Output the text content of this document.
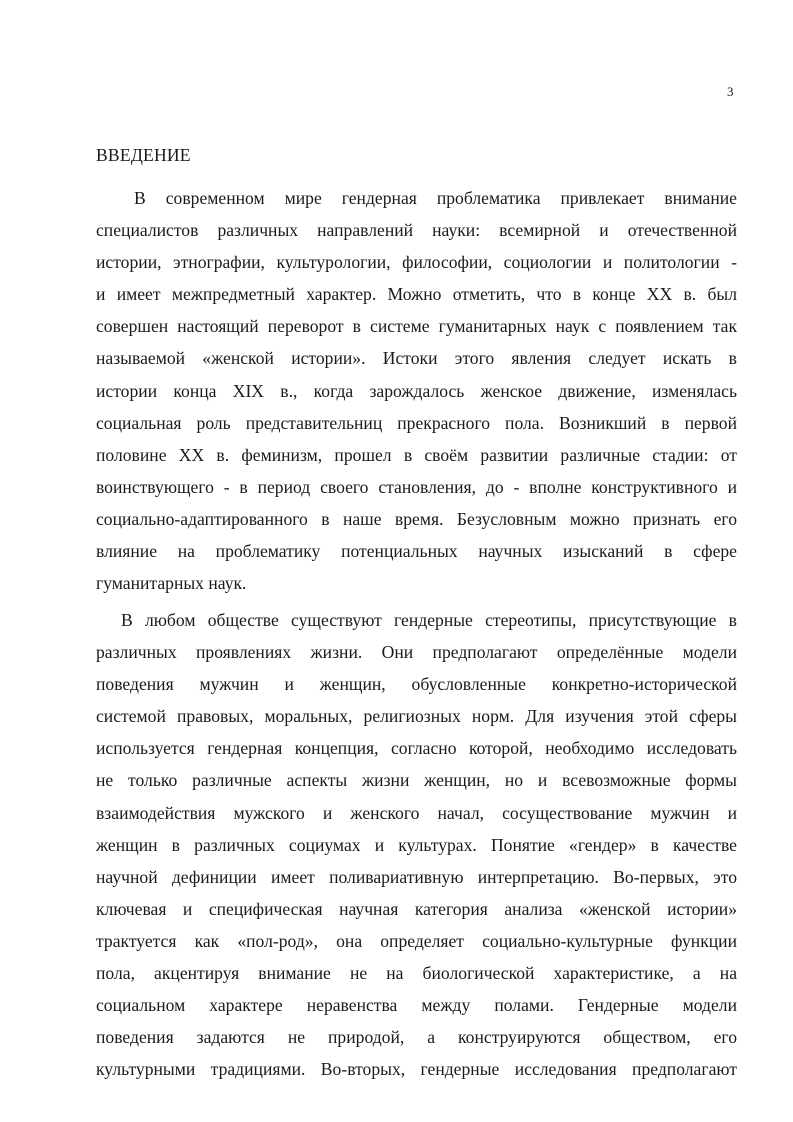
3
ВВЕДЕНИЕ
В современном мире гендерная проблематика привлекает внимание
специалистов различных направлений науки: всемирной и отечественной
истории, этнографии, культурологии, философии, социологии и политологии -
и имеет межпредметный характер. Можно отметить, что в конце XX в. был
совершен настоящий переворот в системе гуманитарных наук с появлением так
называемой «женской истории». Истоки этого явления следует искать в
истории конца XIX в., когда зарождалось женское движение, изменялась
социальная роль представительниц прекрасного пола. Возникший в первой
половине XX в. феминизм, прошел в своём развитии различные стадии: от
воинствующего - в период своего становления, до - вполне конструктивного и
социально-адаптированного в наше время. Безусловным можно признать его
влияние на проблематику потенциальных научных изысканий в сфере
гуманитарных наук.
В любом обществе существуют гендерные стереотипы, присутствующие в
различных проявлениях жизни. Они предполагают определённые модели
поведения мужчин и женщин, обусловленные конкретно-исторической
системой правовых, моральных, религиозных норм. Для изучения этой сферы
используется гендерная концепция, согласно которой, необходимо исследовать
не только различные аспекты жизни женщин, но и всевозможные формы
взаимодействия мужского и женского начал, сосуществование мужчин и
женщин в различных социумах и культурах. Понятие «гендер» в качестве
научной дефиниции имеет поливариативную интерпретацию. Во-первых, это
ключевая и специфическая научная категория анализа «женской истории»
трактуется как «пол-род», она определяет социально-культурные функции
пола, акцентируя внимание не на биологической характеристике, а на
социальном характере неравенства между полами. Гендерные модели
поведения задаются не природой, а конструируются обществом, его
культурными традициями. Во-вторых, гендерные исследования предполагают
